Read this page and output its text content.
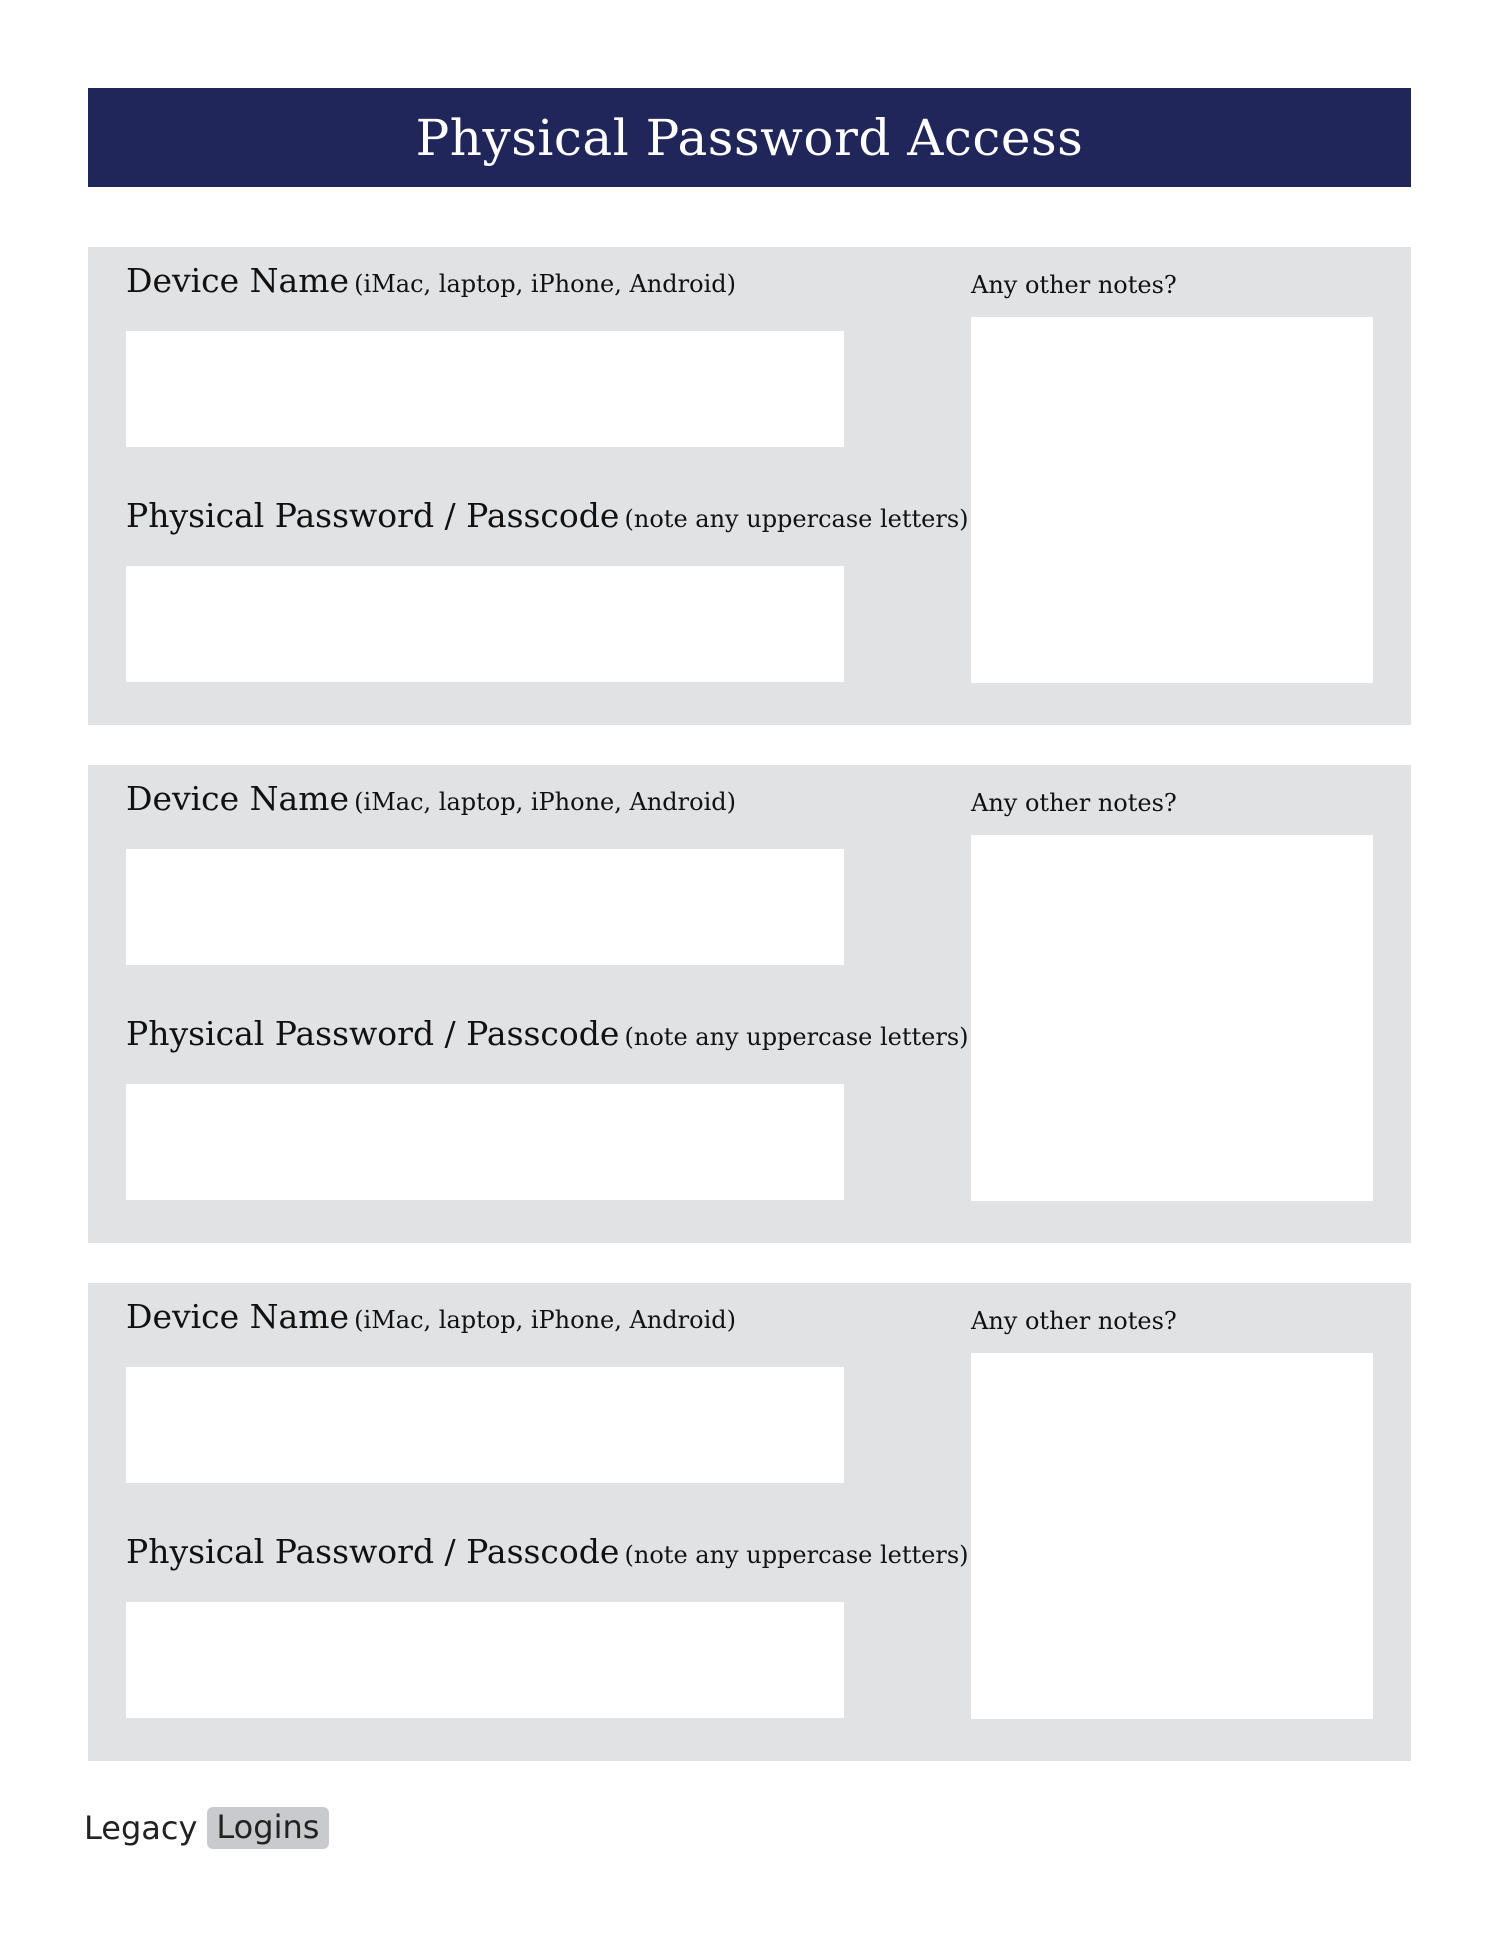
Physical Password Access
Device Name (iMac, laptop, iPhone, Android)
Physical Password / Passcode (note any uppercase letters)
Any other notes?
Device Name (iMac, laptop, iPhone, Android)
Physical Password / Passcode (note any uppercase letters)
Any other notes?
Device Name (iMac, laptop, iPhone, Android)
Physical Password / Passcode (note any uppercase letters)
Any other notes?
Legacy Logins
